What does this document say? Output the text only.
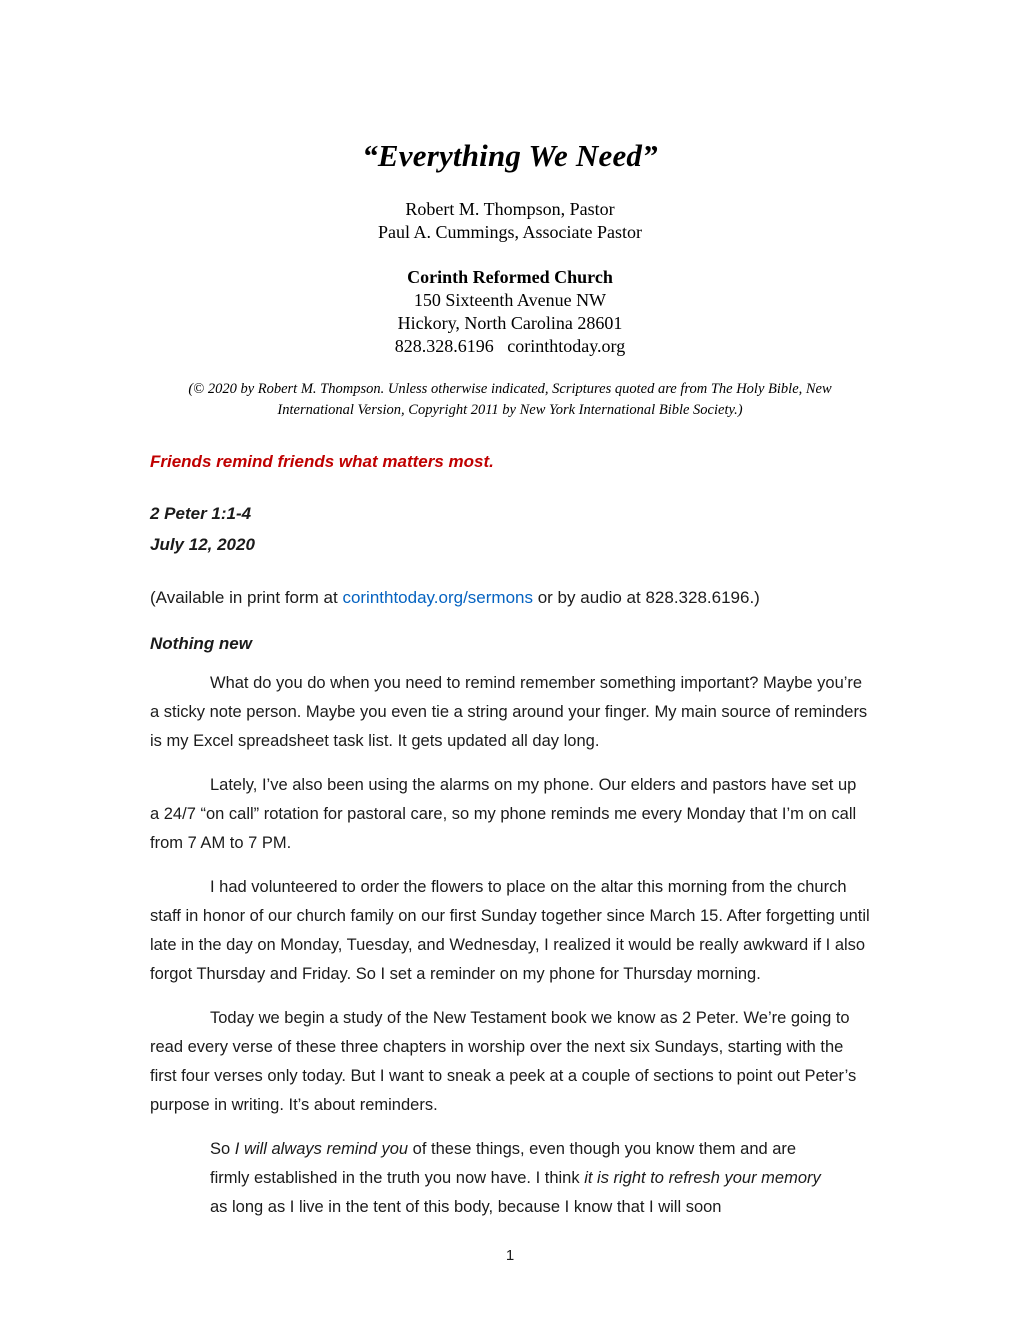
“Everything We Need”
Robert M. Thompson, Pastor
Paul A. Cummings, Associate Pastor
Corinth Reformed Church
150 Sixteenth Avenue NW
Hickory, North Carolina 28601
828.328.6196   corinthtoday.org
(© 2020 by Robert M. Thompson. Unless otherwise indicated, Scriptures quoted are from The Holy Bible, New International Version, Copyright 2011 by New York International Bible Society.)
Friends remind friends what matters most.
2 Peter 1:1-4
July 12, 2020
(Available in print form at corinthtoday.org/sermons or by audio at 828.328.6196.)
Nothing new
What do you do when you need to remind remember something important? Maybe you’re a sticky note person. Maybe you even tie a string around your finger. My main source of reminders is my Excel spreadsheet task list. It gets updated all day long.
Lately, I’ve also been using the alarms on my phone. Our elders and pastors have set up a 24/7 “on call” rotation for pastoral care, so my phone reminds me every Monday that I’m on call from 7 AM to 7 PM.
I had volunteered to order the flowers to place on the altar this morning from the church staff in honor of our church family on our first Sunday together since March 15. After forgetting until late in the day on Monday, Tuesday, and Wednesday, I realized it would be really awkward if I also forgot Thursday and Friday. So I set a reminder on my phone for Thursday morning.
Today we begin a study of the New Testament book we know as 2 Peter. We’re going to read every verse of these three chapters in worship over the next six Sundays, starting with the first four verses only today. But I want to sneak a peek at a couple of sections to point out Peter’s purpose in writing. It’s about reminders.
So I will always remind you of these things, even though you know them and are firmly established in the truth you now have. I think it is right to refresh your memory as long as I live in the tent of this body, because I know that I will soon
1
